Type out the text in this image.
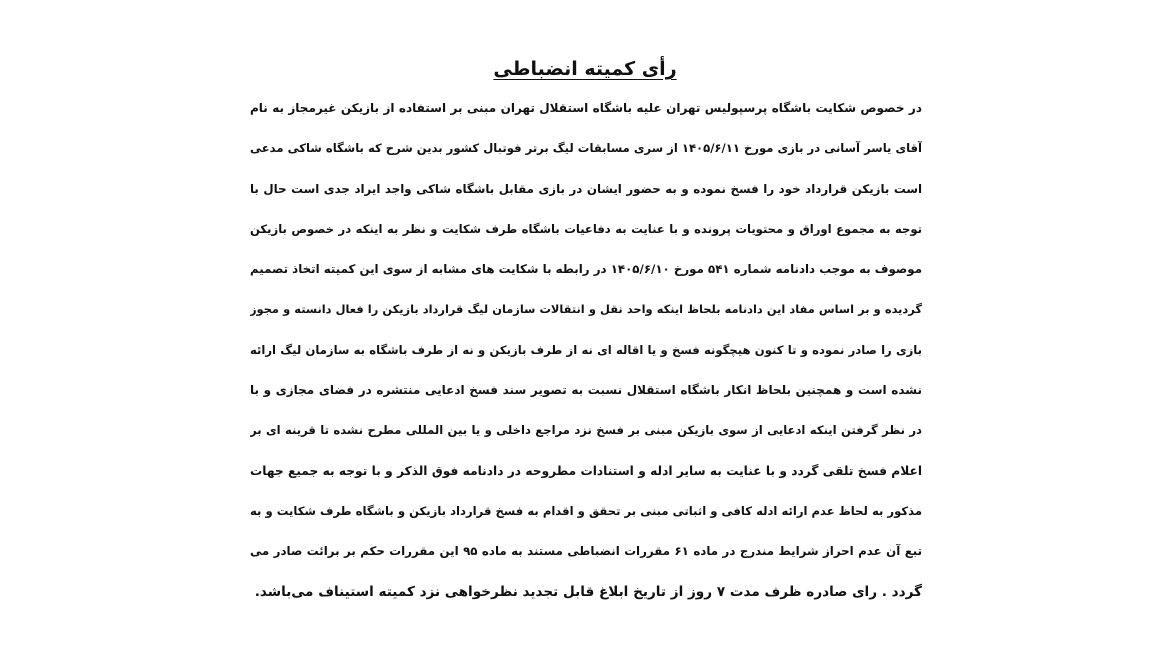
رأی کمیته انضباطی
در خصوص شکایت باشگاه پرسپولیس تهران علیه باشگاه استقلال تهران مبنی بر استفاده از بازیکن غیرمجاز به نام
آقای یاسر آسانی در بازی مورخ ۱۴۰۵/۶/۱۱ از سری مسابقات لیگ برتر فوتبال کشور بدین شرح که باشگاه شاکی مدعی
است بازیکن قرارداد خود را فسخ نموده و به حضور ایشان در بازی مقابل باشگاه شاکی واجد ایراد جدی است حال با
توجه به مجموع اوراق و محتویات پرونده و با عنایت به دفاعیات باشگاه طرف شکایت و نظر به اینکه در خصوص بازیکن
موصوف به موجب دادنامه شماره ۵۴۱ مورخ ۱۴۰۵/۶/۱۰ در رابطه با شکایت های مشابه از سوی این کمیته اتخاذ تصمیم
گردیده و بر اساس مفاد این دادنامه بلحاظ اینکه واحد نقل و انتقالات سازمان لیگ قرارداد بازیکن را فعال دانسته و مجوز
بازی را صادر نموده و تا کنون هیچگونه فسخ و یا اقاله ای نه از طرف بازیکن و نه از طرف باشگاه به سازمان لیگ ارائه
نشده است و همچنین بلحاظ انکار باشگاه استقلال نسبت به تصویر سند فسخ ادعایی منتشره در فضای مجازی و با
در نظر گرفتن اینکه ادعایی از سوی بازیکن مبنی بر فسخ نزد مراجع داخلی و یا بین المللی مطرح نشده تا قرینه ای بر
اعلام فسخ تلقی گردد و با عنایت به سایر ادله و استنادات مطروحه در دادنامه فوق الذکر و با توجه به جمیع جهات
مذکور به لحاظ عدم ارائه ادله کافی و اثباتی مبنی بر تحقق و اقدام به فسخ قرارداد بازیکن و باشگاه طرف شکایت و به
تبع آن عدم احراز شرایط مندرج در ماده ۶۱ مقررات انضباطی مستند به ماده ۹۵ این مقررات حکم بر برائت صادر می
گردد . رای صادره ظرف مدت ۷ روز از تاریخ ابلاغ قابل تجدید نظرخواهی نزد کمیته استیناف می‌باشد.
